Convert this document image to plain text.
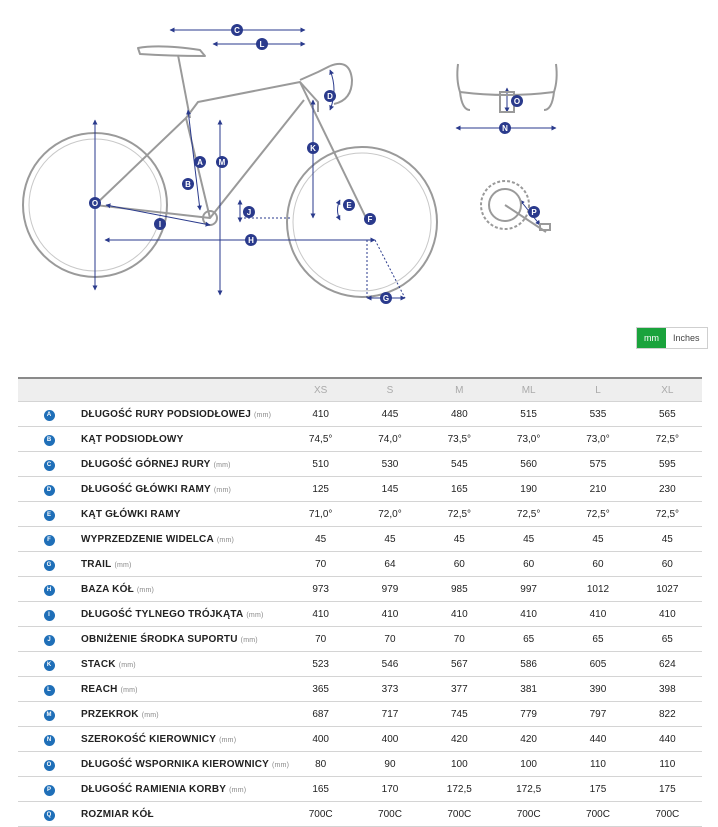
C
L
D
A M
K
B
O	E
J
F
I
H
G
O
N
P
mm	Inches
		XS	S	M	ML	L	XL
A	DŁUGOŚĆ RURY PODSIODŁOWEJ (mm)	410	445	480	515	535	565
B	KĄT PODSIODŁOWY	74,5°	74,0°	73,5°	73,0°	73,0°	72,5°
C	DŁUGOŚĆ GÓRNEJ RURY (mm)	510	530	545	560	575	595
D	DŁUGOŚĆ GŁÓWKI RAMY (mm)	125	145	165	190	210	230
E	KĄT GŁÓWKI RAMY	71,0°	72,0°	72,5°	72,5°	72,5°	72,5°
F	WYPRZEDZENIE WIDELCA (mm)	45	45	45	45	45	45
G	TRAIL (mm)	70	64	60	60	60	60
H	BAZA KÓŁ (mm)	973	979	985	997	1012	1027
I	DŁUGOŚĆ TYLNEGO TRÓJKĄTA (mm)	410	410	410	410	410	410
J	OBNIŻENIE ŚRODKA SUPORTU (mm)	70	70	70	65	65	65
K	STACK (mm)	523	546	567	586	605	624
L	REACH (mm)	365	373	377	381	390	398
M	PRZEKROK (mm)	687	717	745	779	797	822
N	SZEROKOŚĆ KIEROWNICY (mm)	400	400	420	420	440	440
O	DŁUGOŚĆ WSPORNIKA KIEROWNICY (mm)	80	90	100	100	110	110
P	DŁUGOŚĆ RAMIENIA KORBY (mm)	165	170	172,5	172,5	175	175
Q	ROZMIAR KÓŁ	700C	700C	700C	700C	700C	700C
